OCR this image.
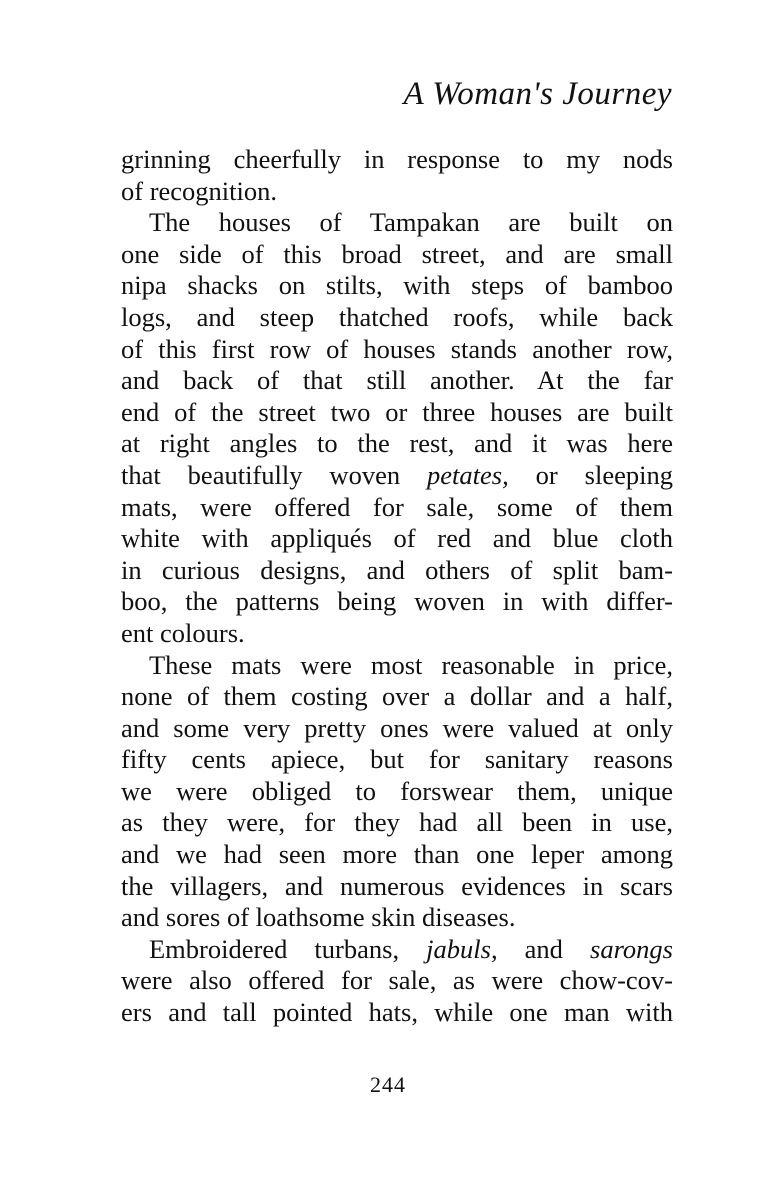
A Woman's Journey
grinning cheerfully in response to my nods
of recognition.
The houses of Tampakan are built on
one side of this broad street, and are small
nipa shacks on stilts, with steps of bamboo
logs, and steep thatched roofs, while back
of this first row of houses stands another row,
and back of that still another. At the far
end of the street two or three houses are built
at right angles to the rest, and it was here
that beautifully woven petates, or sleeping
mats, were offered for sale, some of them
white with appliqués of red and blue cloth
in curious designs, and others of split bam-
boo, the patterns being woven in with differ-
ent colours.
These mats were most reasonable in price,
none of them costing over a dollar and a half,
and some very pretty ones were valued at only
fifty cents apiece, but for sanitary reasons
we were obliged to forswear them, unique
as they were, for they had all been in use,
and we had seen more than one leper among
the villagers, and numerous evidences in scars
and sores of loathsome skin diseases.
Embroidered turbans, jabuls, and sarongs
were also offered for sale, as were chow-cov-
ers and tall pointed hats, while one man with
244
